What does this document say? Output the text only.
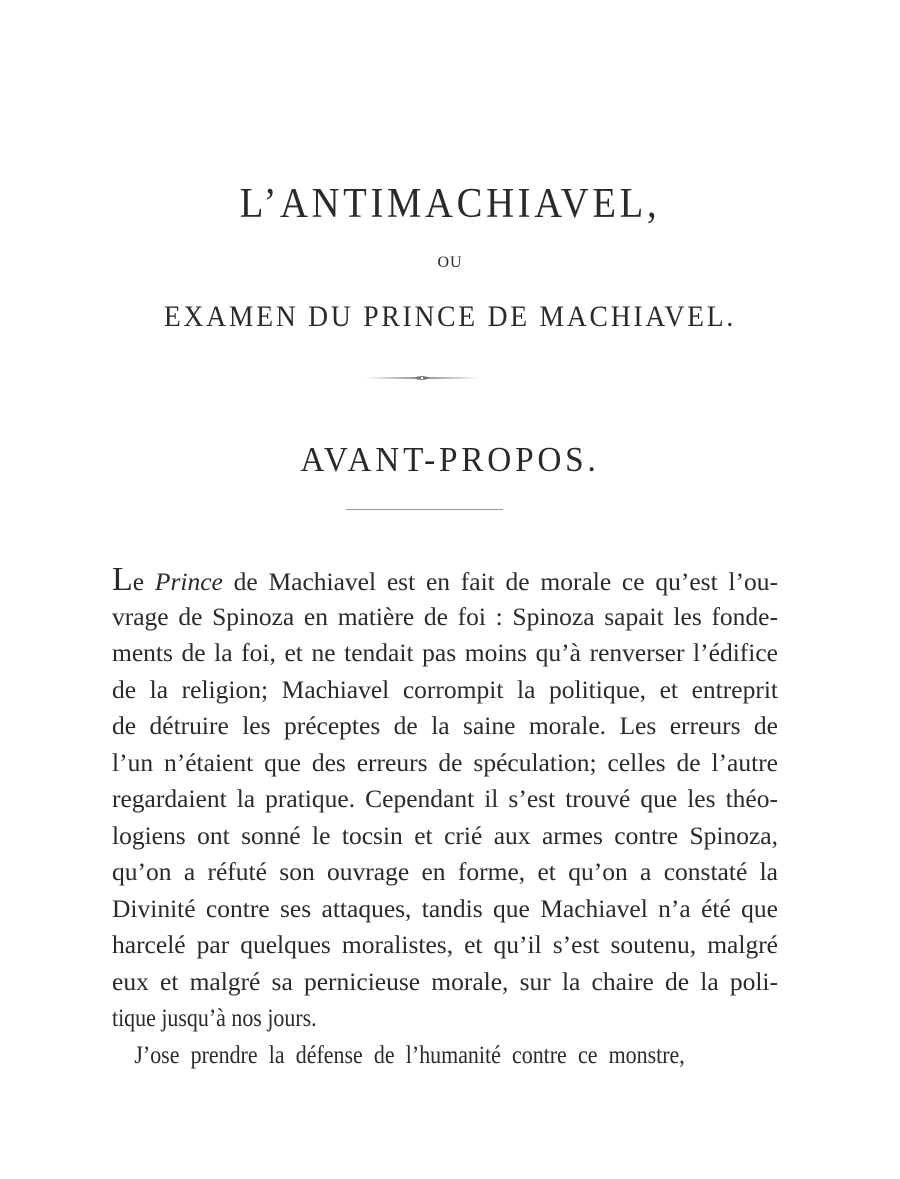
L’ANTIMACHIAVEL,
OU
EXAMEN DU PRINCE DE MACHIAVEL.
AVANT-PROPOS.
Le Prince de Machiavel est en fait de morale ce qu’est l’ou-
vrage de Spinoza en matière de foi : Spinoza sapait les fonde-
ments de la foi, et ne tendait pas moins qu’à renverser l’édifice
de la religion; Machiavel corrompit la politique, et entreprit
de détruire les préceptes de la saine morale. Les erreurs de
l’un n’étaient que des erreurs de spéculation; celles de l’autre
regardaient la pratique. Cependant il s’est trouvé que les théo-
logiens ont sonné le tocsin et crié aux armes contre Spinoza,
qu’on a réfuté son ouvrage en forme, et qu’on a constaté la
Divinité contre ses attaques, tandis que Machiavel n’a été que
harcelé par quelques moralistes, et qu’il s’est soutenu, malgré
eux et malgré sa pernicieuse morale, sur la chaire de la poli-
tique jusqu’à nos jours.
J’ose prendre la défense de l’humanité contre ce monstre,
